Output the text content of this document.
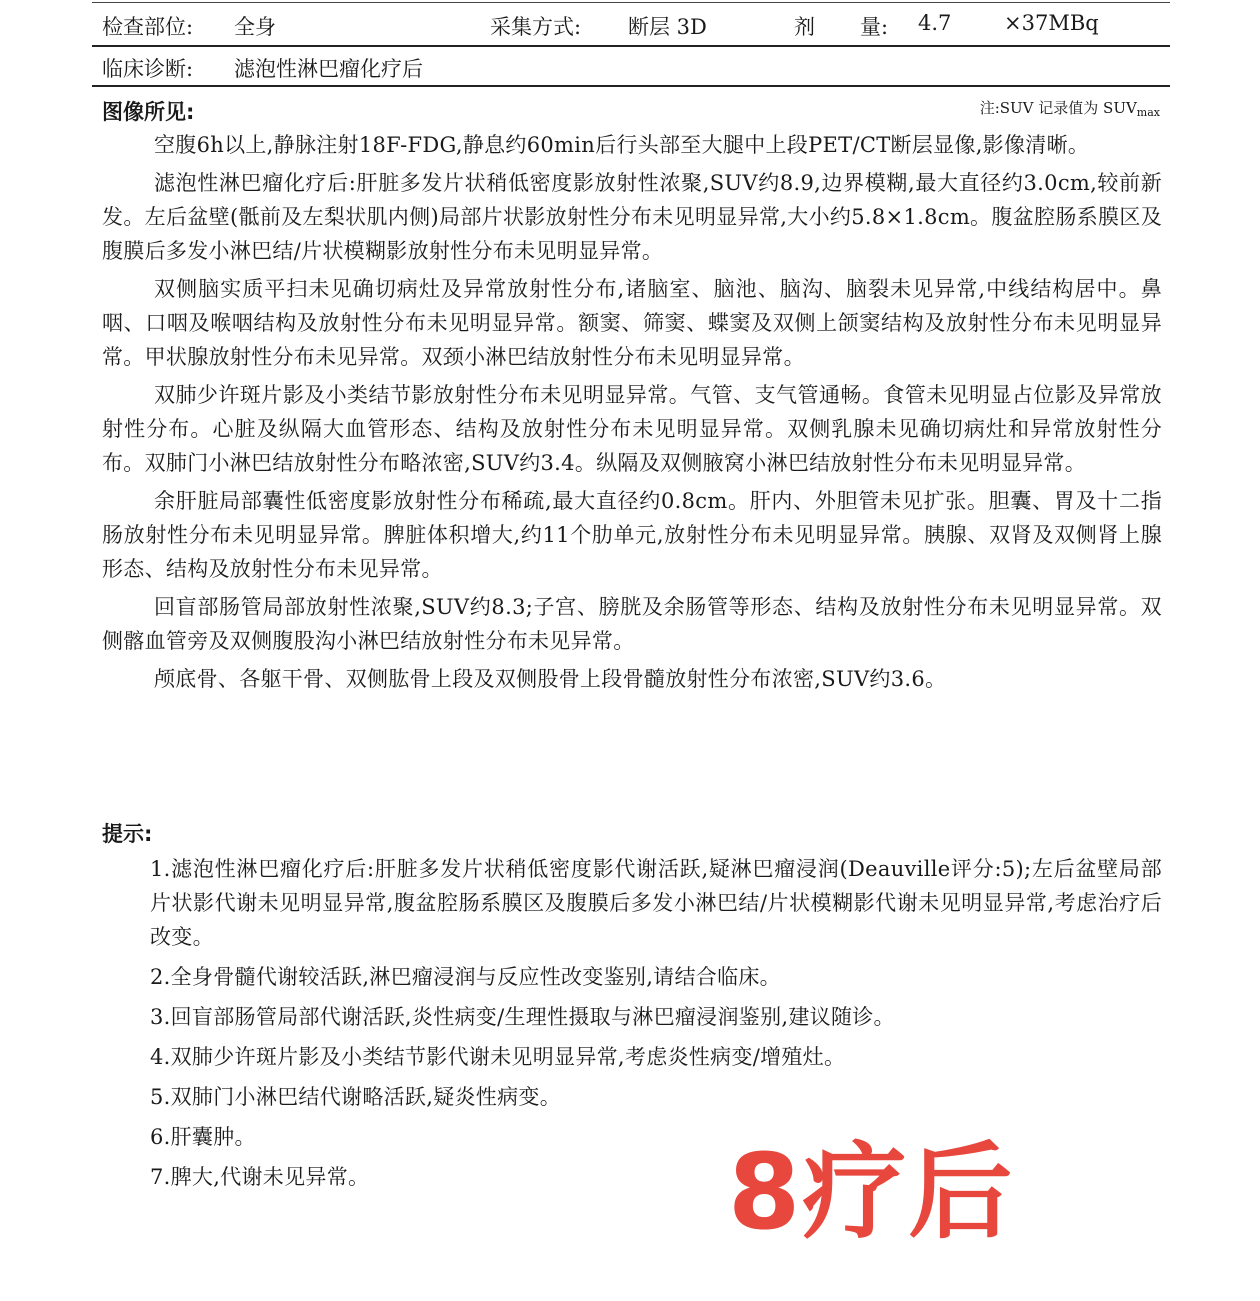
检查部位: 全身	采集方式: 断层 3D	剂 量: 4.7	×37MBq
临床诊断: 滤泡性淋巴瘤化疗后
图像所见:	注:SUV 记录值为 $SUV_{max}$

空腹6h以上,静脉注射18F-FDG,静息约60min后行头部至大腿中上段PET/CT断层显像,影像清晰。

滤泡性淋巴瘤化疗后:肝脏多发片状稍低密度影放射性浓聚,SUV约8.9,边界模糊,最大直径约3.0cm,较前新发。左后盆壁(骶前及左梨状肌内侧)局部片状影放射性分布未见明显异常,大小约5.8×1.8cm。腹盆腔肠系膜区及腹膜后多发小淋巴结/片状模糊影放射性分布未见明显异常。

双侧脑实质平扫未见确切病灶及异常放射性分布,诸脑室、脑池、脑沟、脑裂未见异常,中线结构居中。鼻咽、口咽及喉咽结构及放射性分布未见明显异常。额窦、筛窦、蝶窦及双侧上颌窦结构及放射性分布未见明显异常。甲状腺放射性分布未见异常。双颈小淋巴结放射性分布未见明显异常。

双肺少许斑片影及小类结节影放射性分布未见明显异常。气管、支气管通畅。食管未见明显占位影及异常放射性分布。心脏及纵隔大血管形态、结构及放射性分布未见明显异常。双侧乳腺未见确切病灶和异常放射性分布。双肺门小淋巴结放射性分布略浓密,SUV约3.4。纵隔及双侧腋窝小淋巴结放射性分布未见明显异常。

余肝脏局部囊性低密度影放射性分布稀疏,最大直径约0.8cm。肝内、外胆管未见扩张。胆囊、胃及十二指肠放射性分布未见明显异常。脾脏体积增大,约11个肋单元,放射性分布未见明显异常。胰腺、双肾及双侧肾上腺形态、结构及放射性分布未见异常。

回盲部肠管局部放射性浓聚,SUV约8.3;子宫、膀胱及余肠管等形态、结构及放射性分布未见明显异常。双侧髂血管旁及双侧腹股沟小淋巴结放射性分布未见异常。

颅底骨、各躯干骨、双侧肱骨上段及双侧股骨上段骨髓放射性分布浓密,SUV约3.6。

提示:

1.滤泡性淋巴瘤化疗后:肝脏多发片状稍低密度影代谢活跃,疑淋巴瘤浸润(Deauville评分:5);左后盆壁局部片状影代谢未见明显异常,腹盆腔肠系膜区及腹膜后多发小淋巴结/片状模糊影代谢未见明显异常,考虑治疗后改变。

2.全身骨髓代谢较活跃,淋巴瘤浸润与反应性改变鉴别,请结合临床。

3.回盲部肠管局部代谢活跃,炎性病变/生理性摄取与淋巴瘤浸润鉴别,建议随诊。

4.双肺少许斑片影及小类结节影代谢未见明显异常,考虑炎性病变/增殖灶。

5.双肺门小淋巴结代谢略活跃,疑炎性病变。

6.肝囊肿。

7.脾大,代谢未见异常。	8疗后
